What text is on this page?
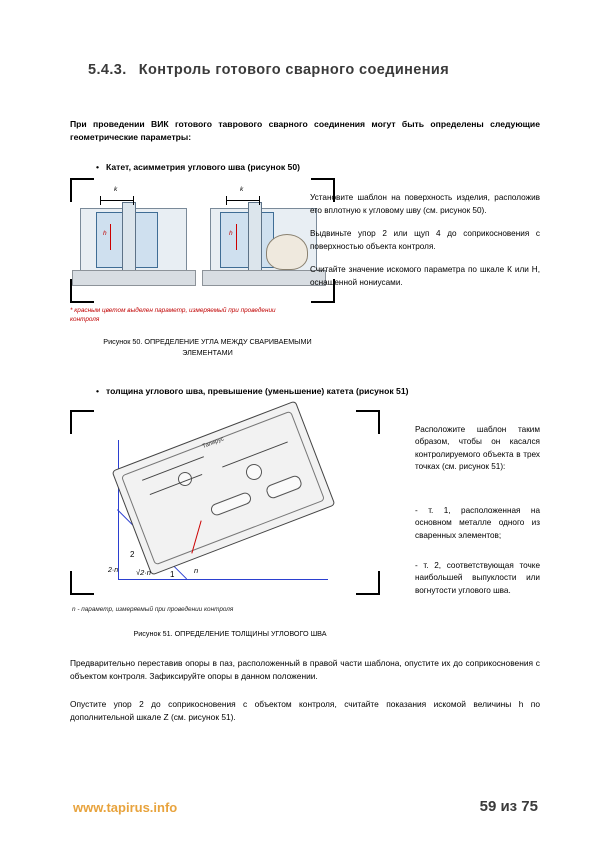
5.4.3. Контроль готового сварного соединения
При проведении ВИК готового таврового сварного соединения могут быть определены следующие геометрические параметры:
• Катет, асимметрия углового шва (рисунок 50)
k
h
k
h
* красным цветом выделен параметр, измеряемый при проведении контроля
Рисунок 50. ОПРЕДЕЛЕНИЕ УГЛА МЕЖДУ СВАРИВАЕМЫМИ ЭЛЕМЕНТАМИ
Установите шаблон на поверхность изделия, расположив его вплотную к угловому шву (см. рисунок 50).
Выдвиньте упор 2 или щуп 4 до соприкосновения с поверхностью объекта контроля.
Считайте значение искомого параметра по шкале К или Н, оснащенной нониусами.
• толщина углового шва, превышение (уменьшение) катета (рисунок 51)
Тапирус
2
1
2·n √2·n	n
n - параметр, измеряемый при проведении контроля
Рисунок 51. ОПРЕДЕЛЕНИЕ ТОЛЩИНЫ УГЛОВОГО ШВА
Расположите шаблон таким образом, чтобы он касался контролируемого объекта в трех точках (см. рисунок 51):
- т. 1, расположенная на основном металле одного из сваренных элементов;
- т. 2, соответствующая точке наибольшей выпуклости или вогнутости углового шва.
Предварительно переставив опоры в паз, расположенный в правой части шаблона, опустите их до соприкосновения с объектом контроля. Зафиксируйте опоры в данном положении.
Опустите упор 2 до соприкосновения с объектом контроля, считайте показания искомой величины h по дополнительной шкале Z (см. рисунок 51).
www.tapirus.info	59 из 75
